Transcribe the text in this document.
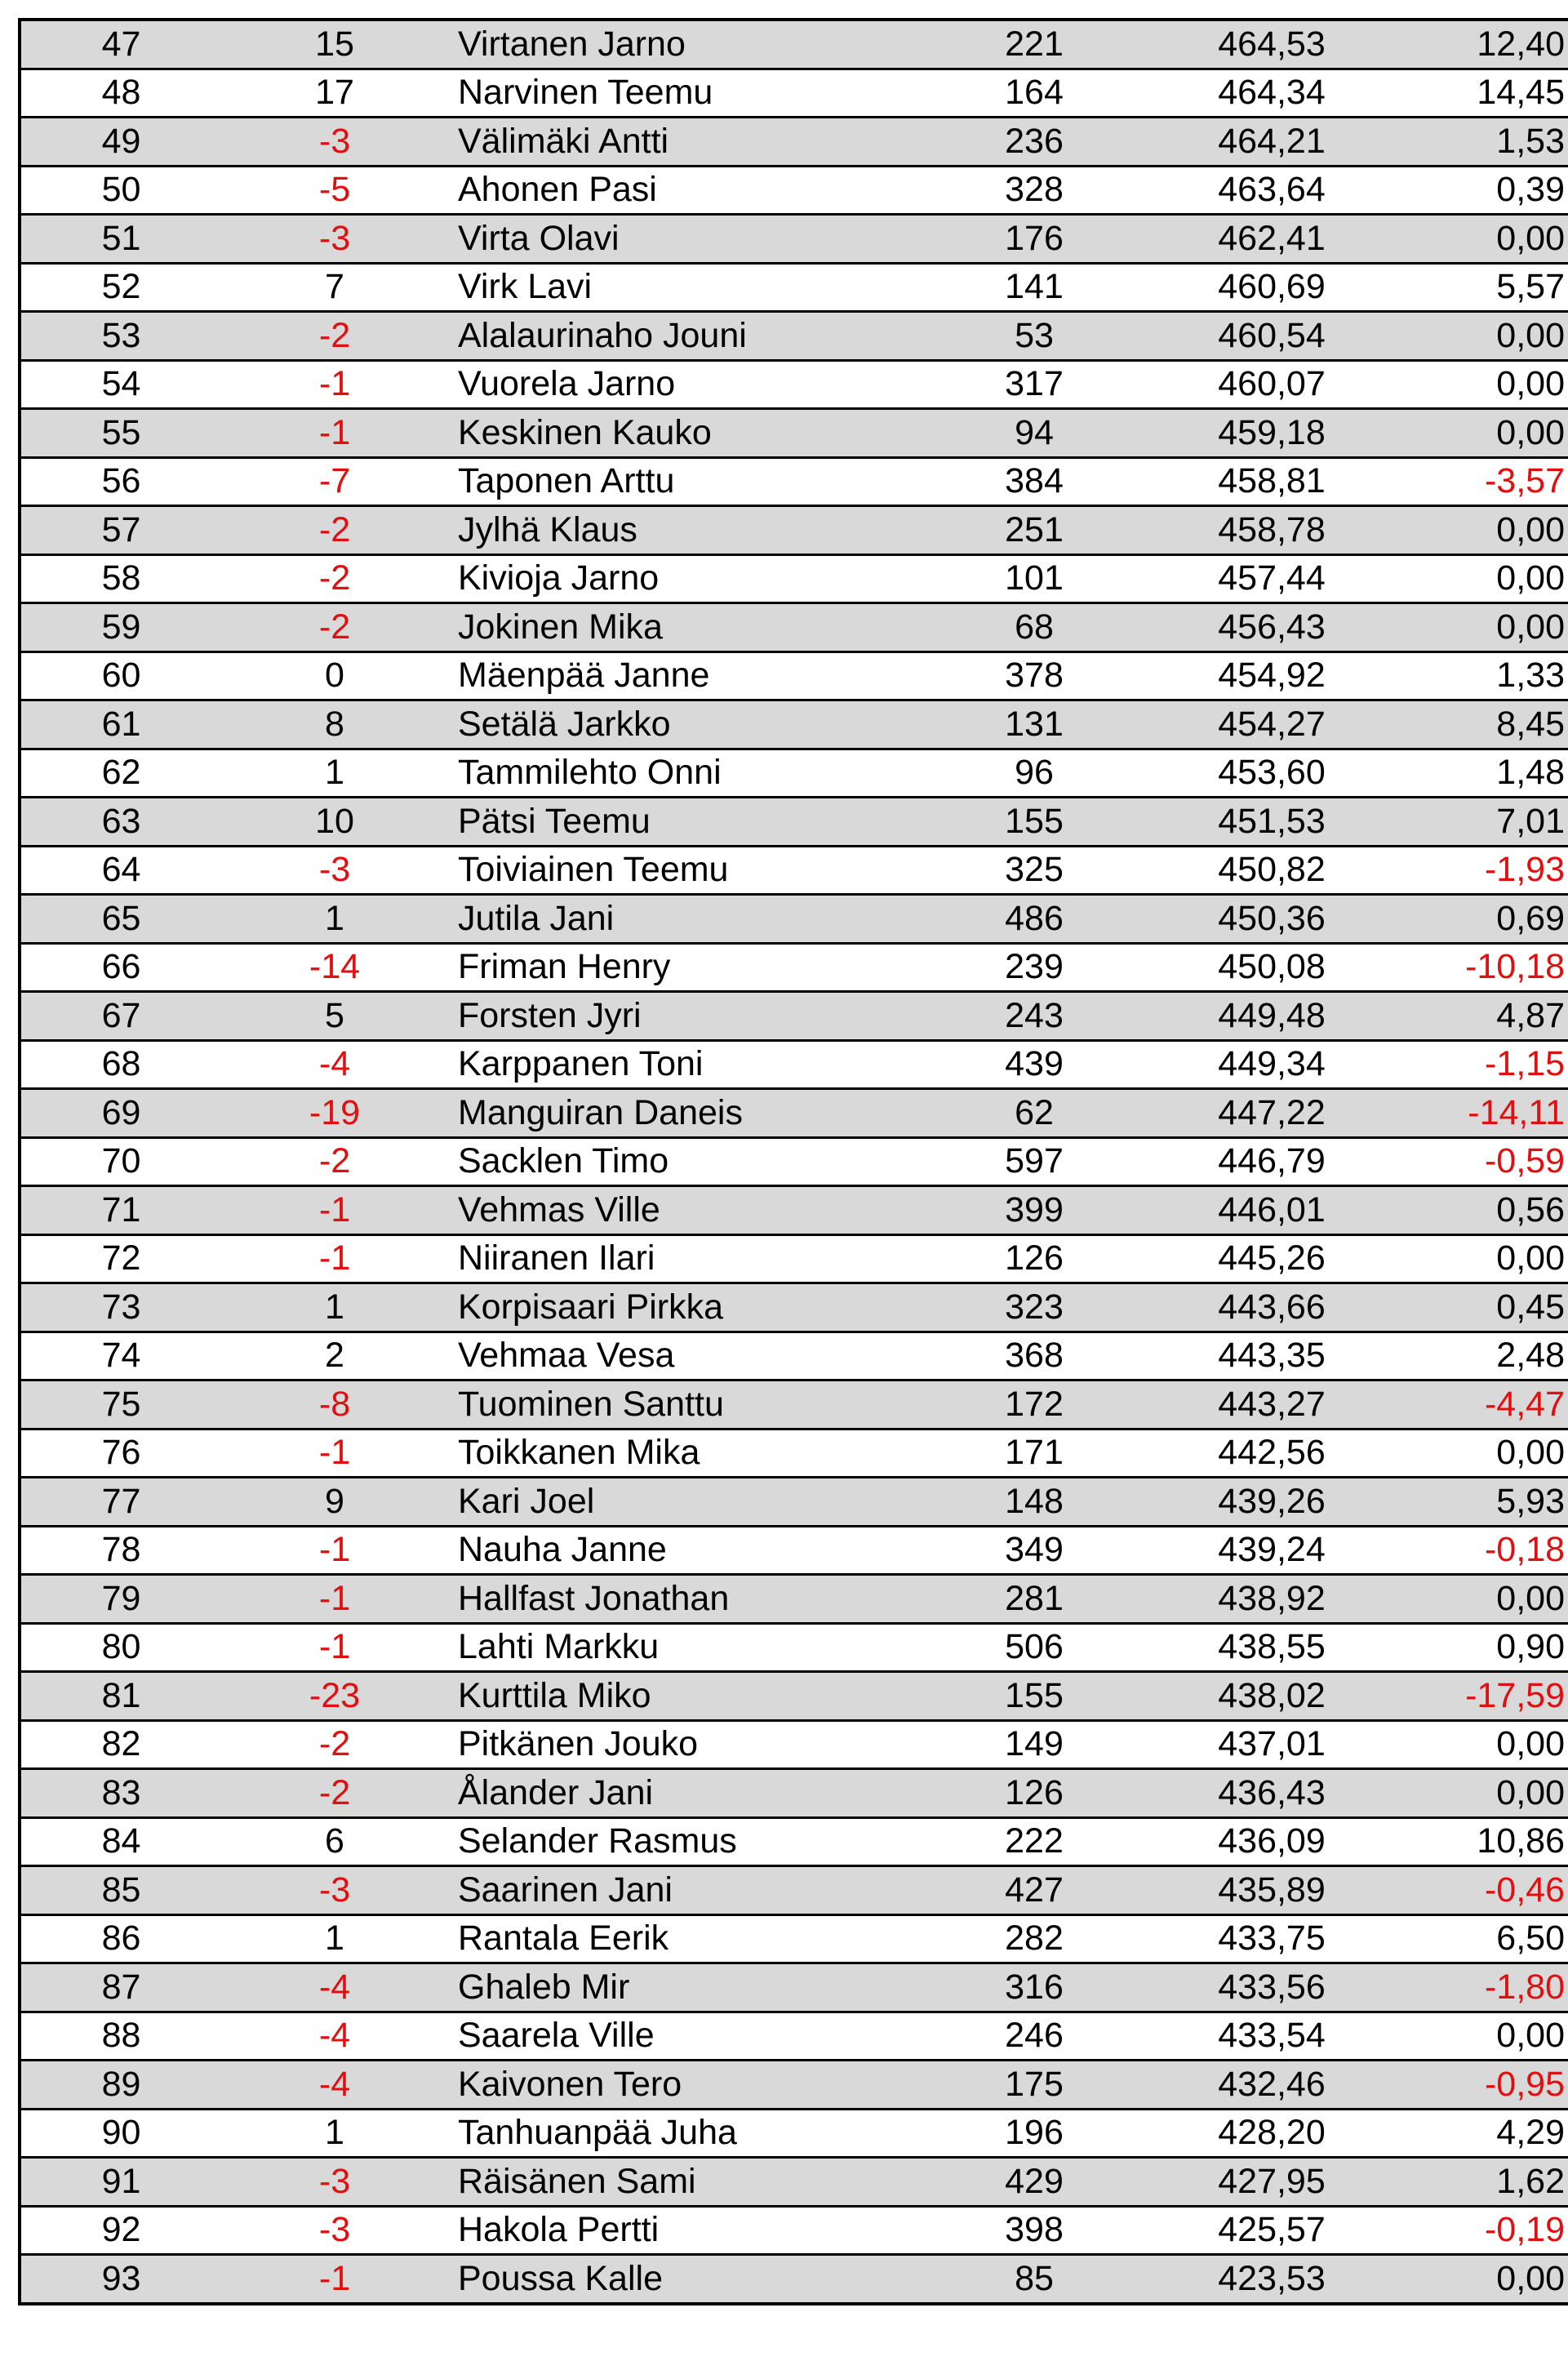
47	15	Virtanen Jarno	221	464,53	12,40
48	17	Narvinen Teemu	164	464,34	14,45
49	-3	Välimäki Antti	236	464,21	1,53
50	-5	Ahonen Pasi	328	463,64	0,39
51	-3	Virta Olavi	176	462,41	0,00
52	7	Virk Lavi	141	460,69	5,57
53	-2	Alalaurinaho Jouni	53	460,54	0,00
54	-1	Vuorela Jarno	317	460,07	0,00
55	-1	Keskinen Kauko	94	459,18	0,00
56	-7	Taponen Arttu	384	458,81	-3,57
57	-2	Jylhä Klaus	251	458,78	0,00
58	-2	Kivioja Jarno	101	457,44	0,00
59	-2	Jokinen Mika	68	456,43	0,00
60	0	Mäenpää Janne	378	454,92	1,33
61	8	Setälä Jarkko	131	454,27	8,45
62	1	Tammilehto Onni	96	453,60	1,48
63	10	Pätsi Teemu	155	451,53	7,01
64	-3	Toiviainen Teemu	325	450,82	-1,93
65	1	Jutila Jani	486	450,36	0,69
66	-14	Friman Henry	239	450,08	-10,18
67	5	Forsten Jyri	243	449,48	4,87
68	-4	Karppanen Toni	439	449,34	-1,15
69	-19	Manguiran Daneis	62	447,22	-14,11
70	-2	Sacklen Timo	597	446,79	-0,59
71	-1	Vehmas Ville	399	446,01	0,56
72	-1	Niiranen Ilari	126	445,26	0,00
73	1	Korpisaari Pirkka	323	443,66	0,45
74	2	Vehmaa Vesa	368	443,35	2,48
75	-8	Tuominen Santtu	172	443,27	-4,47
76	-1	Toikkanen Mika	171	442,56	0,00
77	9	Kari Joel	148	439,26	5,93
78	-1	Nauha Janne	349	439,24	-0,18
79	-1	Hallfast Jonathan	281	438,92	0,00
80	-1	Lahti Markku	506	438,55	0,90
81	-23	Kurttila Miko	155	438,02	-17,59
82	-2	Pitkänen Jouko	149	437,01	0,00
83	-2	Ålander Jani	126	436,43	0,00
84	6	Selander Rasmus	222	436,09	10,86
85	-3	Saarinen Jani	427	435,89	-0,46
86	1	Rantala Eerik	282	433,75	6,50
87	-4	Ghaleb Mir	316	433,56	-1,80
88	-4	Saarela Ville	246	433,54	0,00
89	-4	Kaivonen Tero	175	432,46	-0,95
90	1	Tanhuanpää Juha	196	428,20	4,29
91	-3	Räisänen Sami	429	427,95	1,62
92	-3	Hakola Pertti	398	425,57	-0,19
93	-1	Poussa Kalle	85	423,53	0,00
